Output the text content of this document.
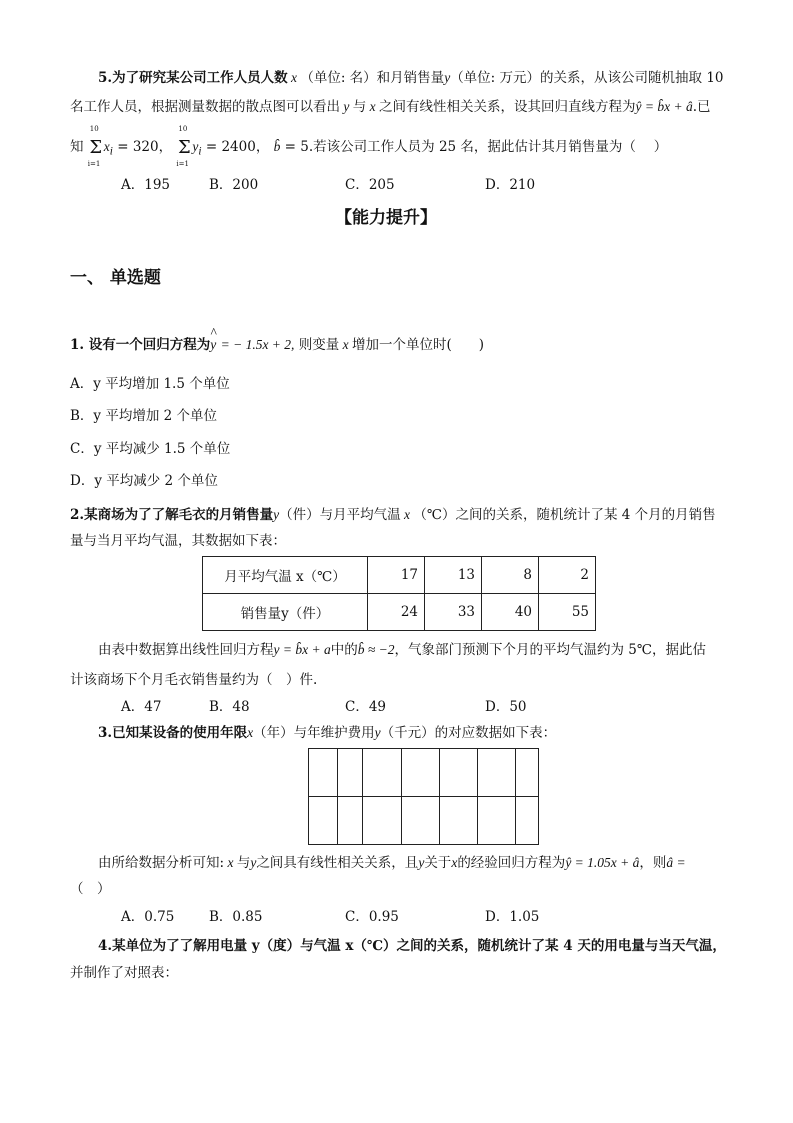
5.为了研究某公司工作人员人数 x （单位: 名）和月销售量y（单位: 万元）的关系，从该公司随机抽取 10
名工作人员，根据测量数据的散点图可以看出 y 与 x 之间有线性相关关系，设其回归直线方程为ŷ = b̂x + â.已
知 Σ
10
i=1
$x_i = 320$， Σ
10
i=1
$y_i = 2400$， b̂ = 5.若该公司工作人员为 25 名，据此估计其月销售量为（　 ）
A．195	B．200	C．205	D．210
【能力提升】
一、 单选题
1. 设有一个回归方程为
^
y = − 1.5x + 2, 则变量 x 增加一个单位时(　　)
A．y 平均增加 1.5 个单位
B．y 平均增加 2 个单位
C．y 平均减少 1.5 个单位
D．y 平均减少 2 个单位
2.某商场为了了解毛衣的月销售量y（件）与月平均气温 x （℃）之间的关系，随机统计了某 4 个月的月销售
量与当月平均气温，其数据如下表：
月平均气温 x（℃）	17	13	8	2
销售量y（件）	24	33	40	55
由表中数据算出线性回归方程y = b̂x + a中的b̂ ≈ −2，气象部门预测下个月的平均气温约为 5℃，据此估
计该商场下个月毛衣销售量约为（　）件.
A．47	B．48	C．49	D．50
3.已知某设备的使用年限x（年）与年维护费用y（千元）的对应数据如下表：

由所给数据分析可知: x 与y之间具有线性相关关系，且y关于x的经验回归方程为ŷ = 1.05x + â，则â =
（　）
A．0.75	B．0.85	C．0.95	D．1.05
4.某单位为了了解用电量 y（度）与气温 x（℃）之间的关系，随机统计了某 4 天的用电量与当天气温，
并制作了对照表：
